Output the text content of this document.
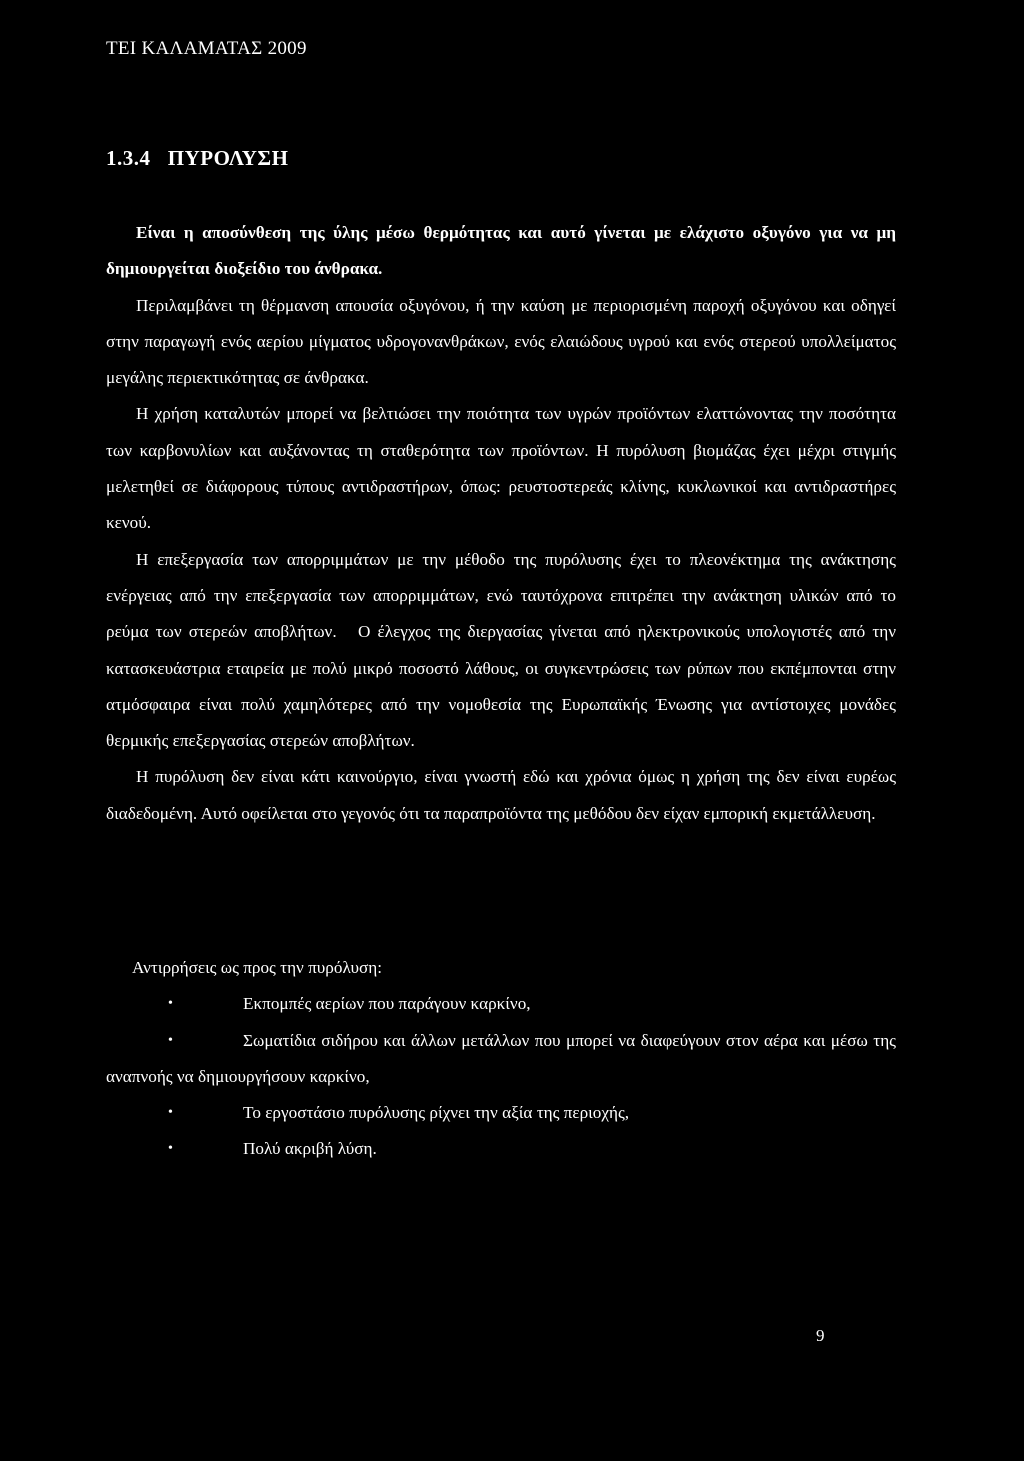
ΤΕΙ ΚΑΛΑΜΑΤΑΣ 2009
1.3.4   ΠΥΡΟΛΥΣΗ

Είναι η αποσύνθεση της ύλης μέσω θερμότητας και αυτό γίνεται με ελάχιστο οξυγόνο για να μη δημιουργείται διοξείδιο του άνθρακα.

Περιλαμβάνει τη θέρμανση απουσία οξυγόνου, ή την καύση με περιορισμένη παροχή οξυγόνου και οδηγεί στην παραγωγή ενός αερίου μίγματος υδρογονανθράκων, ενός ελαιώδους υγρού και ενός στερεού υπολλείματος μεγάλης περιεκτικότητας σε άνθρακα.

Η χρήση καταλυτών μπορεί να βελτιώσει την ποιότητα των υγρών προϊόντων ελαττώνοντας την ποσότητα των καρβονυλίων και αυξάνοντας τη σταθερότητα των προϊόντων. Η πυρόλυση βιομάζας έχει μέχρι στιγμής μελετηθεί σε διάφορους τύπους αντιδραστήρων, όπως: ρευστοστερεάς κλίνης, κυκλωνικοί και αντιδραστήρες κενού.

Η επεξεργασία των απορριμμάτων με την μέθοδο της πυρόλυσης έχει το πλεονέκτημα της ανάκτησης ενέργειας από την επεξεργασία των απορριμμάτων, ενώ ταυτόχρονα επιτρέπει την ανάκτηση υλικών από το ρεύμα των στερεών αποβλήτων.   Ο έλεγχος της διεργασίας γίνεται από ηλεκτρονικούς υπολογιστές από την κατασκευάστρια εταιρεία με πολύ μικρό ποσοστό λάθους, οι συγκεντρώσεις των ρύπων που εκπέμπονται στην ατμόσφαιρα είναι πολύ χαμηλότερες από την νομοθεσία της Ευρωπαϊκής Ένωσης για αντίστοιχες μονάδες θερμικής επεξεργασίας στερεών αποβλήτων.

Η πυρόλυση δεν είναι κάτι καινούργιο, είναι γνωστή εδώ και χρόνια όμως η χρήση της δεν είναι ευρέως διαδεδομένη. Αυτό οφείλεται στο γεγονός ότι τα παραπροϊόντα της μεθόδου δεν είχαν εμπορική εκμετάλλευση.

Αντιρρήσεις ως προς την πυρόλυση:

•	Εκπομπές αερίων που παράγουν καρκίνο,
•	Σωματίδια σιδήρου και άλλων μετάλλων που μπορεί να διαφεύγουν στον αέρα και μέσω της αναπνοής να δημιουργήσουν καρκίνο,
•	Το εργοστάσιο πυρόλυσης ρίχνει την αξία της περιοχής,
•	Πολύ ακριβή λύση.
9
